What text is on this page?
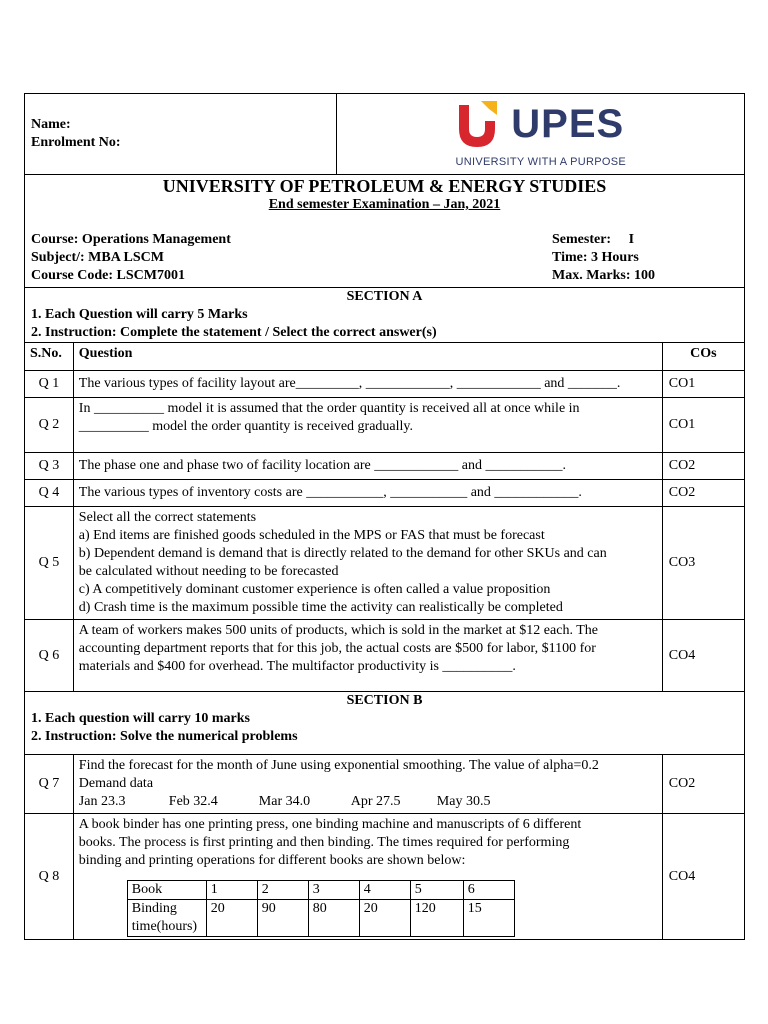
Name:
Enrolment No:	UPES
UNIVERSITY WITH A PURPOSE

UNIVERSITY OF PETROLEUM & ENERGY STUDIES
End semester Examination – Jan, 2021
Course: Operations Management
Subject/: MBA LSCM
Course Code: LSCM7001
Semester:     I
Time: 3 Hours
Max. Marks: 100

SECTION A
1. Each Question will carry 5 Marks
2. Instruction: Complete the statement / Select the correct answer(s)

S.No.	Question	COs
Q 1	The various types of facility layout are_________, ____________, ____________ and _______.	CO1
Q 2	
In __________ model it is assumed that the order quantity is received all at once while in
__________ model the order quantity is received gradually.	CO1
Q 3	The phase one and phase two of facility location are ____________ and ___________.	CO2
Q 4	The various types of inventory costs are ___________, ___________ and ____________.	CO2
Q 5	
Select all the correct statements
a) End items are finished goods scheduled in the MPS or FAS that must be forecast
b) Dependent demand is demand that is directly related to the demand for other SKUs and can
be calculated without needing to be forecasted
c) A competitively dominant customer experience is often called a value proposition
d) Crash time is the maximum possible time the activity can realistically be completed
	CO3
Q 6	
A team of workers makes 500 units of products, which is sold in the market at $12 each. The
accounting department reports that for this job, the actual costs are $500 for labor, $1100 for
materials and $400 for overhead. The multifactor productivity is __________.
	CO4

SECTION B
1. Each question will carry 10 marks
2. Instruction: Solve the numerical problems

Q 7	
Find the forecast for the month of June using exponential smoothing. The value of alpha=0.2
Demand data
Jan 23.3	Feb 32.4	Mar 34.0	Apr 27.5	May 30.5
	CO2
Q 8	
A book binder has one printing press, one binding machine and manuscripts of 6 different
books. The process is first printing and then binding. The times required for performing
binding and printing operations for different books are shown below:
Book	1	2	3	4	5	6
Binding time(hours)	20	90	80	20	120	15
	CO4
